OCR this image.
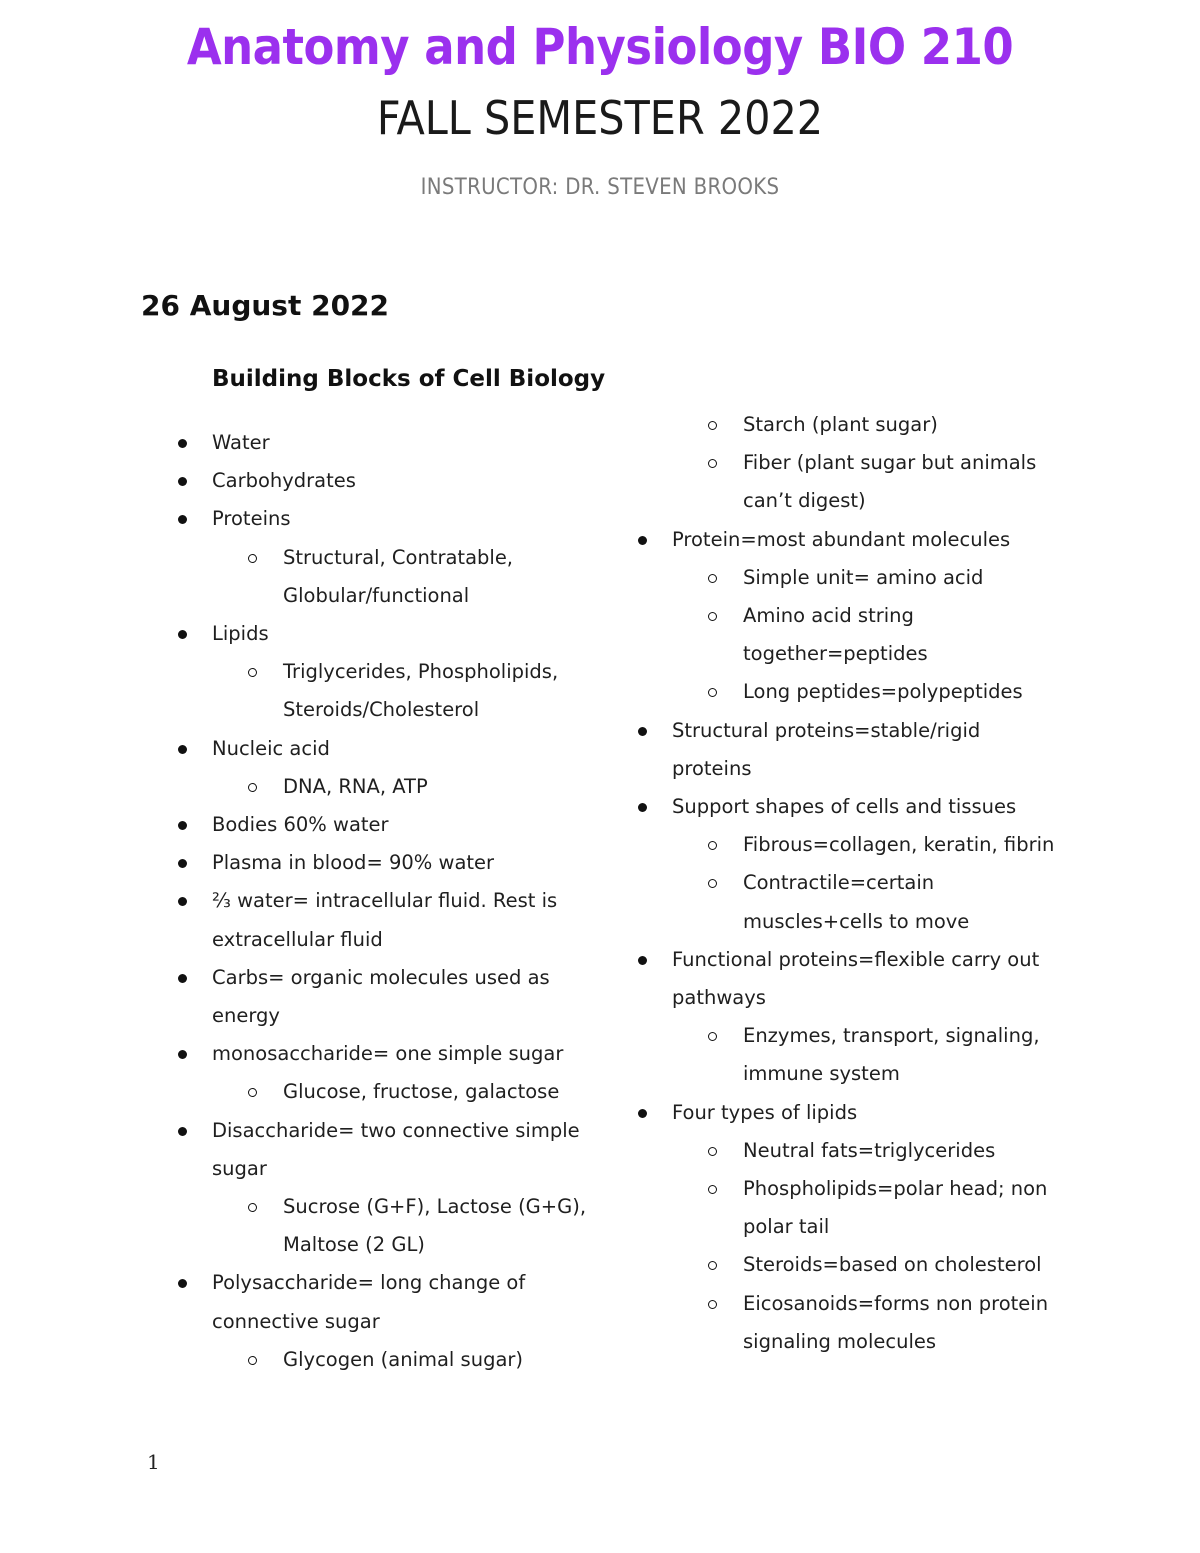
Anatomy and Physiology BIO 210
FALL SEMESTER 2022
INSTRUCTOR: DR. STEVEN BROOKS
26 August 2022
Building Blocks of Cell Biology
Water
Carbohydrates
Proteins
Structural, Contratable,
Globular/functional
Lipids
Triglycerides, Phospholipids,
Steroids/Cholesterol
Nucleic acid
DNA, RNA, ATP
Bodies 60% water
Plasma in blood= 90% water
⅔ water= intracellular fluid. Rest is
extracellular fluid
Carbs= organic molecules used as
energy
monosaccharide= one simple sugar
Glucose, fructose, galactose
Disaccharide= two connective simple
sugar
Sucrose (G+F), Lactose (G+G),
Maltose (2 GL)
Polysaccharide= long change of
connective sugar
Glycogen (animal sugar)
Starch (plant sugar)
Fiber (plant sugar but animals
can’t digest)
Protein=most abundant molecules
Simple unit= amino acid
Amino acid string
together=peptides
Long peptides=polypeptides
Structural proteins=stable/rigid
proteins
Support shapes of cells and tissues
Fibrous=collagen, keratin, fibrin
Contractile=certain
muscles+cells to move
Functional proteins=flexible carry out
pathways
Enzymes, transport, signaling,
immune system
Four types of lipids
Neutral fats=triglycerides
Phospholipids=polar head; non
polar tail
Steroids=based on cholesterol
Eicosanoids=forms non protein
signaling molecules
1
